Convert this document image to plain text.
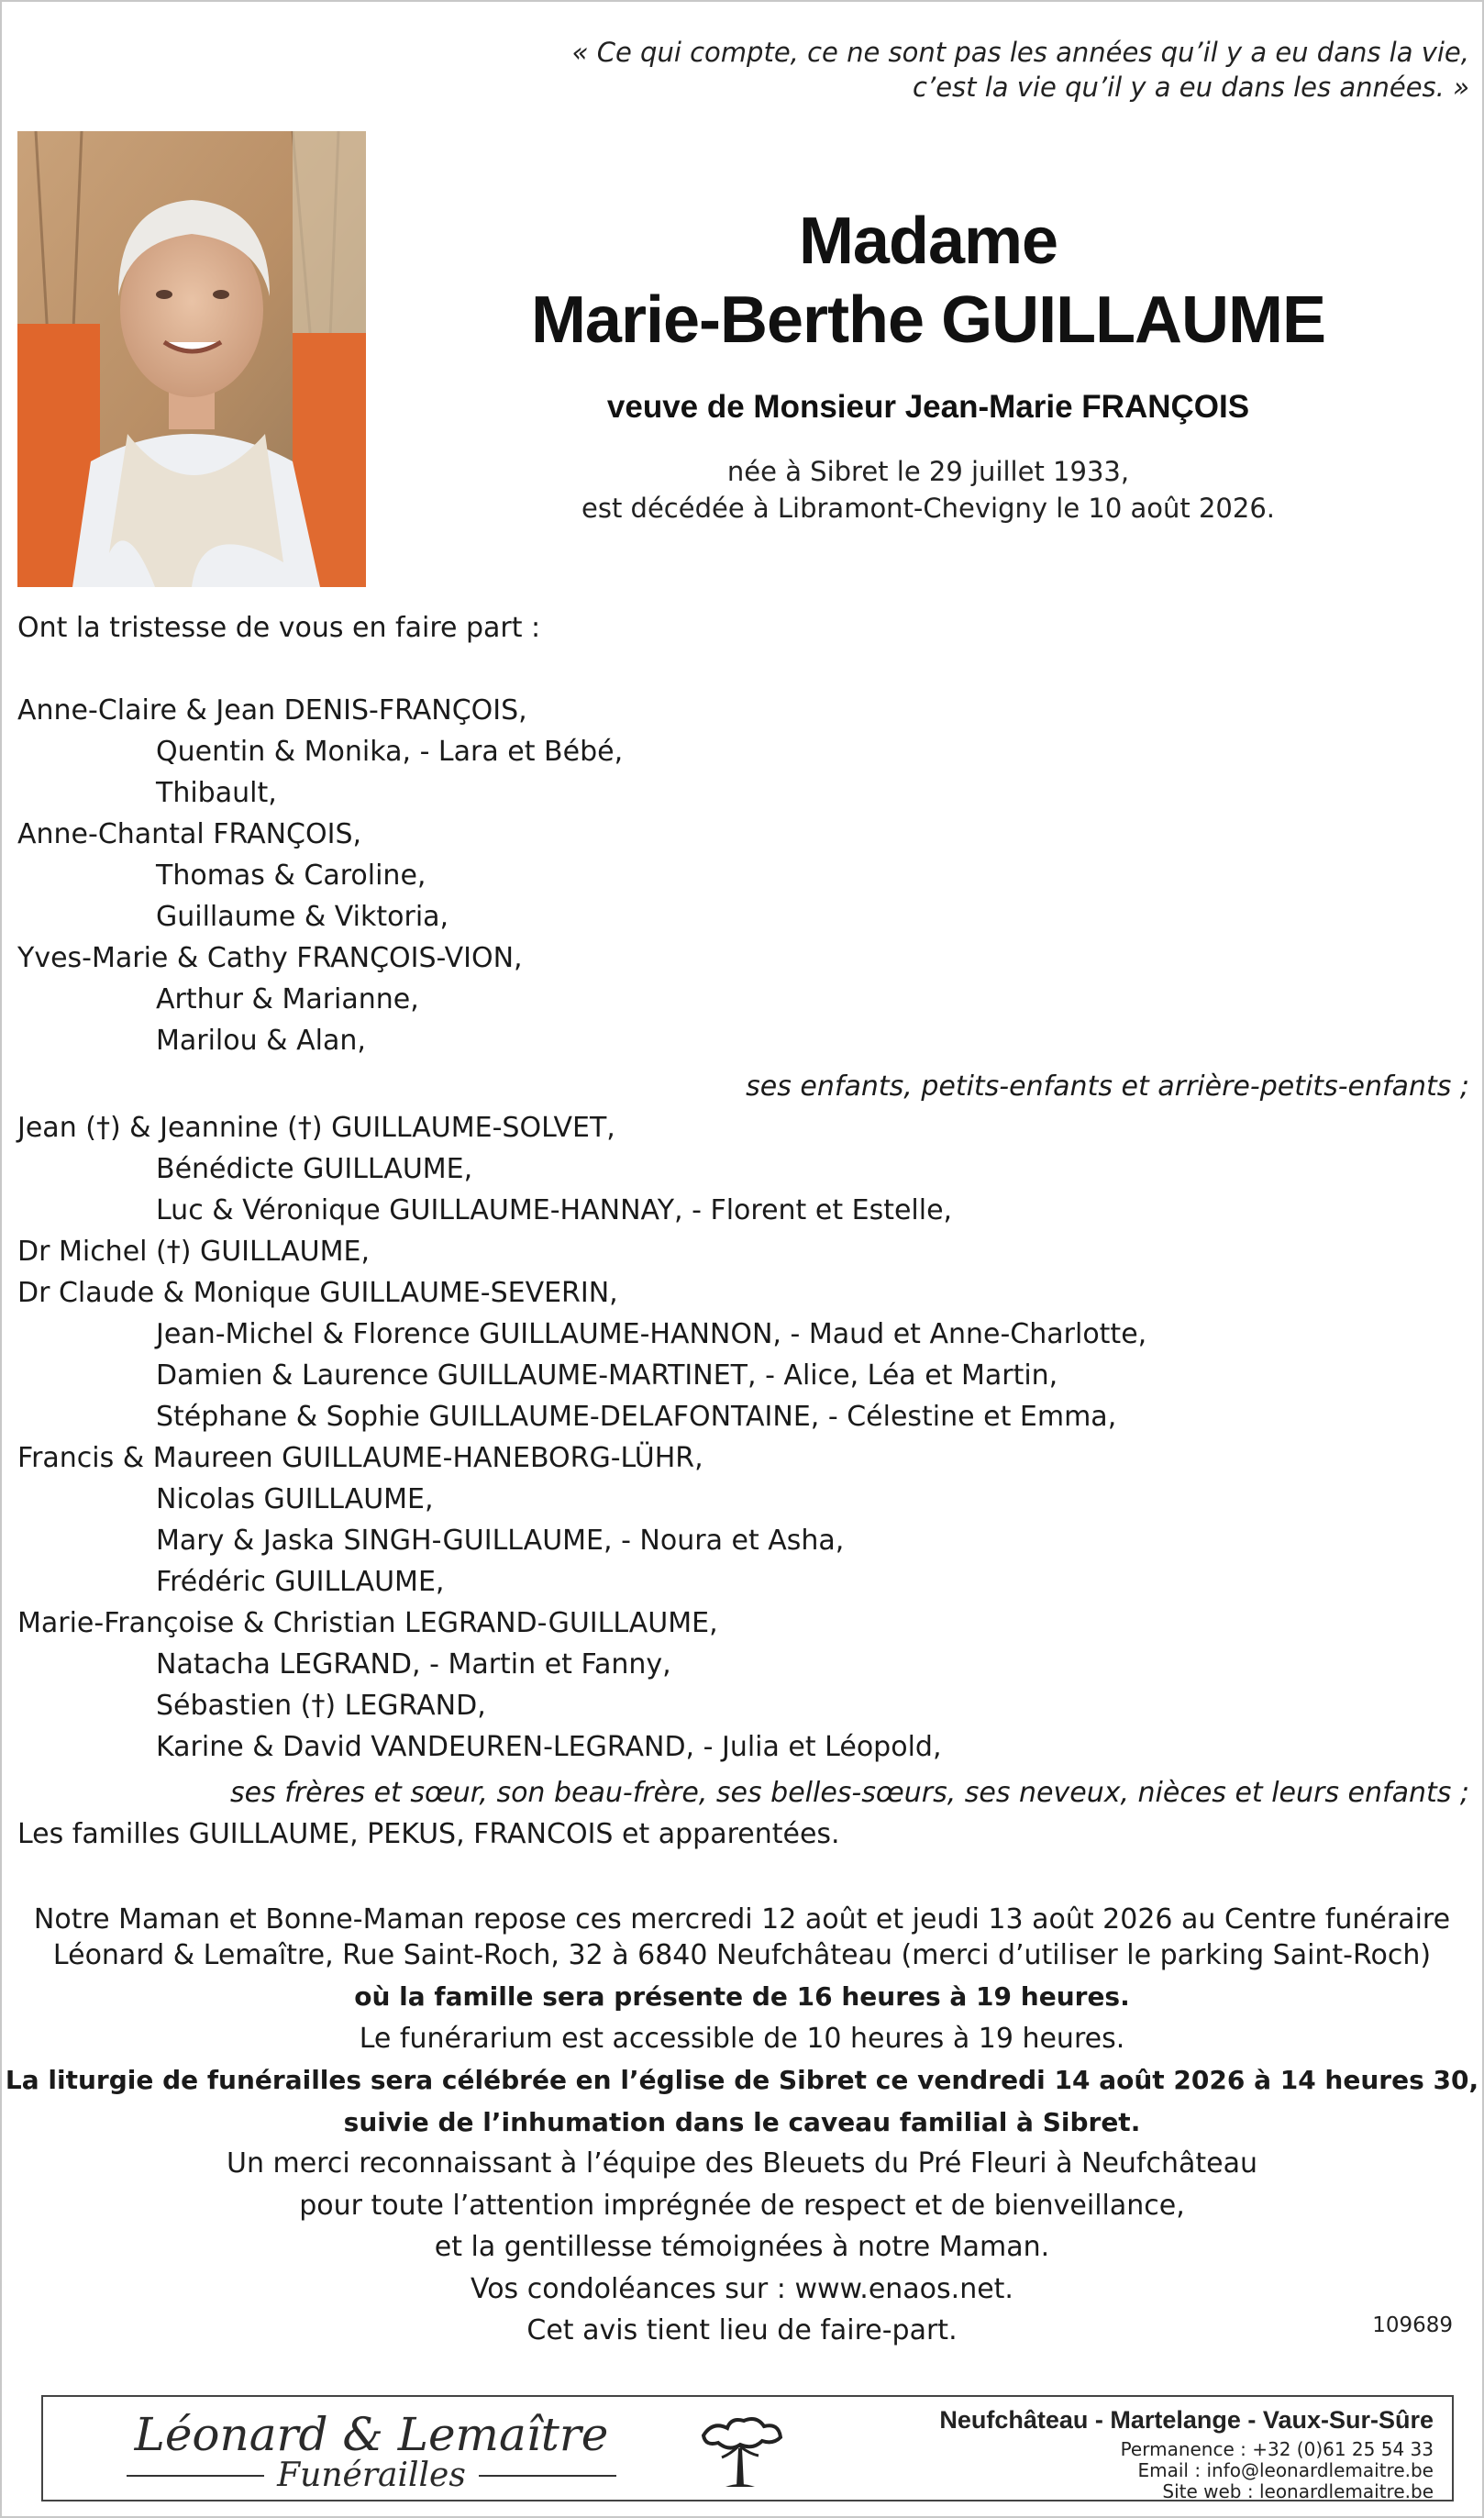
« Ce qui compte, ce ne sont pas les années qu’il y a eu dans la vie,
c’est la vie qu’il y a eu dans les années. »
Madame
Marie-Berthe GUILLAUME
veuve de Monsieur Jean-Marie FRANÇOIS
née à Sibret le 29 juillet 1933,
est décédée à Libramont-Chevigny le 10 août 2026.
Ont la tristesse de vous en faire part :
Anne-Claire & Jean DENIS-FRANÇOIS,
Quentin & Monika, - Lara et Bébé,
Thibault,
Anne-Chantal FRANÇOIS,
Thomas & Caroline,
Guillaume & Viktoria,
Yves-Marie & Cathy FRANÇOIS-VION,
Arthur & Marianne,
Marilou & Alan,
ses enfants, petits-enfants et arrière-petits-enfants ;
Jean (†) & Jeannine (†) GUILLAUME-SOLVET,
Bénédicte GUILLAUME,
Luc & Véronique GUILLAUME-HANNAY, - Florent et Estelle,
Dr Michel (†) GUILLAUME,
Dr Claude & Monique GUILLAUME-SEVERIN,
Jean-Michel & Florence GUILLAUME-HANNON, - Maud et Anne-Charlotte,
Damien & Laurence GUILLAUME-MARTINET, - Alice, Léa et Martin,
Stéphane & Sophie GUILLAUME-DELAFONTAINE, - Célestine et Emma,
Francis & Maureen GUILLAUME-HANEBORG-LÜHR,
Nicolas GUILLAUME,
Mary & Jaska SINGH-GUILLAUME, - Noura et Asha,
Frédéric GUILLAUME,
Marie-Françoise & Christian LEGRAND-GUILLAUME,
Natacha LEGRAND, - Martin et Fanny,
Sébastien (†) LEGRAND,
Karine & David VANDEUREN-LEGRAND, - Julia et Léopold,
ses frères et sœur, son beau-frère, ses belles-sœurs, ses neveux, nièces et leurs enfants ;
Les familles GUILLAUME, PEKUS, FRANCOIS et apparentées.
Notre Maman et Bonne-Maman repose ces mercredi 12 août et jeudi 13 août 2026 au Centre funéraire
Léonard & Lemaître, Rue Saint-Roch, 32 à 6840 Neufchâteau (merci d’utiliser le parking Saint-Roch)
où la famille sera présente de 16 heures à 19 heures.
Le funérarium est accessible de 10 heures à 19 heures.
La liturgie de funérailles sera célébrée en l’église de Sibret ce vendredi 14 août 2026 à 14 heures 30,
suivie de l’inhumation dans le caveau familial à Sibret.
Un merci reconnaissant à l’équipe des Bleuets du Pré Fleuri à Neufchâteau
pour toute l’attention imprégnée de respect et de bienveillance,
et la gentillesse témoignées à notre Maman.
Vos condoléances sur : www.enaos.net.
Cet avis tient lieu de faire-part.	109689
Léonard & Lemaître
Funérailles
Neufchâteau - Martelange - Vaux-Sur-Sûre
Permanence : +32 (0)61 25 54 33
Email : info@leonardlemaitre.be
Site web : leonardlemaitre.be
